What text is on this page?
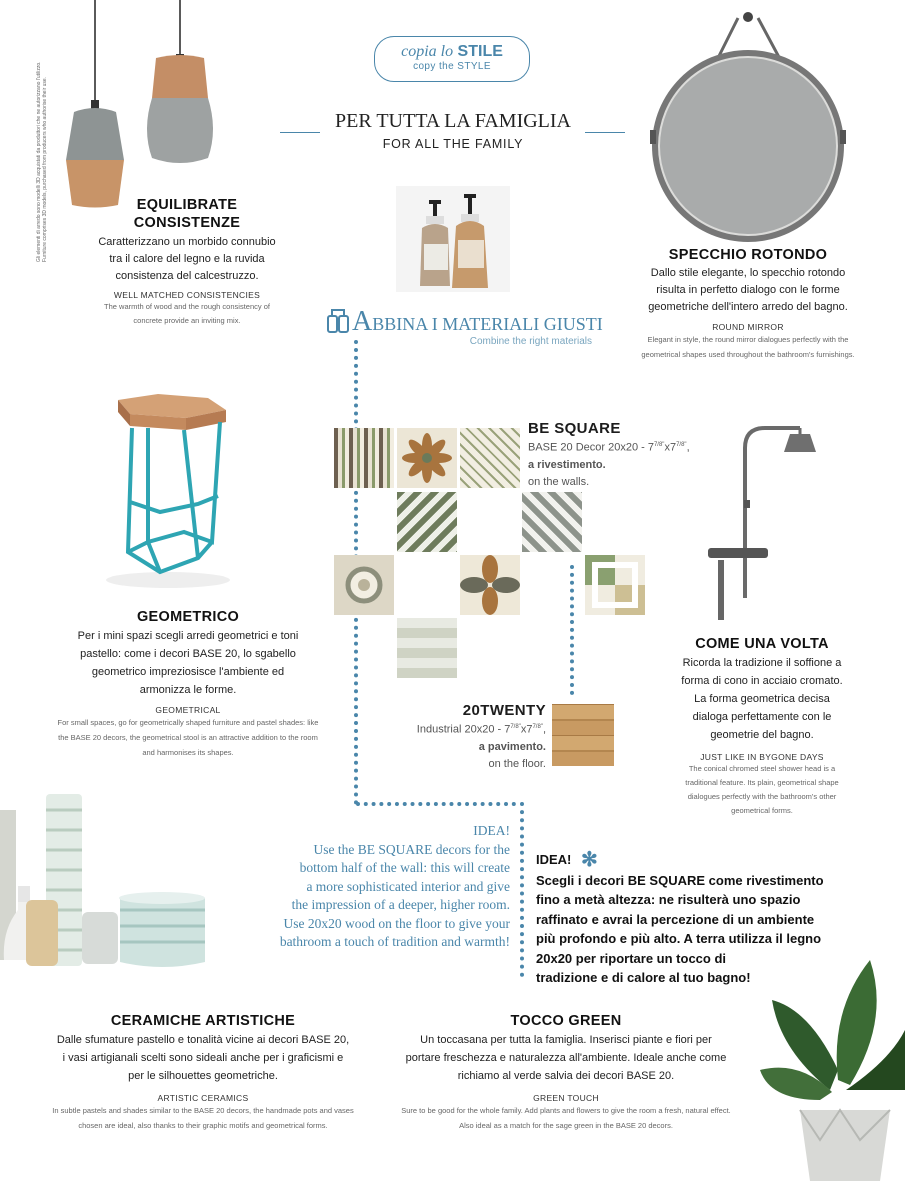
Gli elementi di arredo sono modelli 3D acquistati da produttori che ne autorizzano l'utilizzo. Furniture comprises 3D models, purchased from producers who authorise their use.
copia lo STILE
copy the STYLE
PER TUTTA LA FAMIGLIA
FOR ALL THE FAMILY
EQUILIBRATE CONSISTENZE
Caratterizzano un morbido connubio tra il calore del legno e la ruvida consistenza del calcestruzzo.
WELL MATCHED CONSISTENCIES
The warmth of wood and the rough consistency of concrete provide an inviting mix.
SPECCHIO ROTONDO
Dallo stile elegante, lo specchio rotondo risulta in perfetto dialogo con le forme geometriche dell'intero arredo del bagno.
ROUND MIRROR
Elegant in style, the round mirror dialogues perfectly with the geometrical shapes used throughout the bathroom's furnishings.
ABBINA I MATERIALI GIUSTI
Combine the right materials
BE SQUARE
BASE 20 Decor $20x20 - 7^{7/8"}x7^{7/8"}$,
a rivestimento.
on the walls.
20TWENTY
Industrial $20x20 - 7^{7/8"}x7^{7/8"}$,
a pavimento.
on the floor.
GEOMETRICO
Per i mini spazi scegli arredi geometrici e toni pastello: come i decori BASE 20, lo sgabello geometrico impreziosisce l'ambiente ed armonizza le forme.
GEOMETRICAL
For small spaces, go for geometrically shaped furniture and pastel shades: like the BASE 20 decors, the geometrical stool is an attractive addition to the room and harmonises its shapes.
COME UNA VOLTA
Ricorda la tradizione il soffione a forma di cono in acciaio cromato. La forma geometrica decisa dialoga perfettamente con le geometrie del bagno.
JUST LIKE IN BYGONE DAYS
The conical chromed steel shower head is a traditional feature. Its plain, geometrical shape dialogues perfectly with the bathroom's other geometrical forms.
CERAMICHE ARTISTICHE
Dalle sfumature pastello e tonalità vicine ai decori BASE 20, i vasi artigianali scelti sono sideali anche per i graficismi e per le silhouettes geometriche.
ARTISTIC CERAMICS
In subtle pastels and shades similar to the BASE 20 decors, the handmade pots and vases chosen are ideal, also thanks to their graphic motifs and geometrical forms.
IDEA!
Use the BE SQUARE decors for the
bottom half of the wall: this will create
a more sophisticated interior and give
the impression of a deeper, higher room.
Use 20x20 wood on the floor to give your
bathroom a touch of tradition and warmth!
IDEA! ✻
Scegli i decori BE SQUARE come rivestimento
fino a metà altezza: ne risulterà uno spazio
raffinato e avrai la percezione di un ambiente
più profondo e più alto. A terra utilizza il legno
20x20 per riportare un tocco di
tradizione e di calore al tuo bagno!
TOCCO GREEN
Un toccasana per tutta la famiglia. Inserisci piante e fiori per portare freschezza e naturalezza all'ambiente. Ideale anche come richiamo al verde salvia dei decori BASE 20.
GREEN TOUCH
Sure to be good for the whole family. Add plants and flowers to give the room a fresh, natural effect. Also ideal as a match for the sage green in the BASE 20 decors.
